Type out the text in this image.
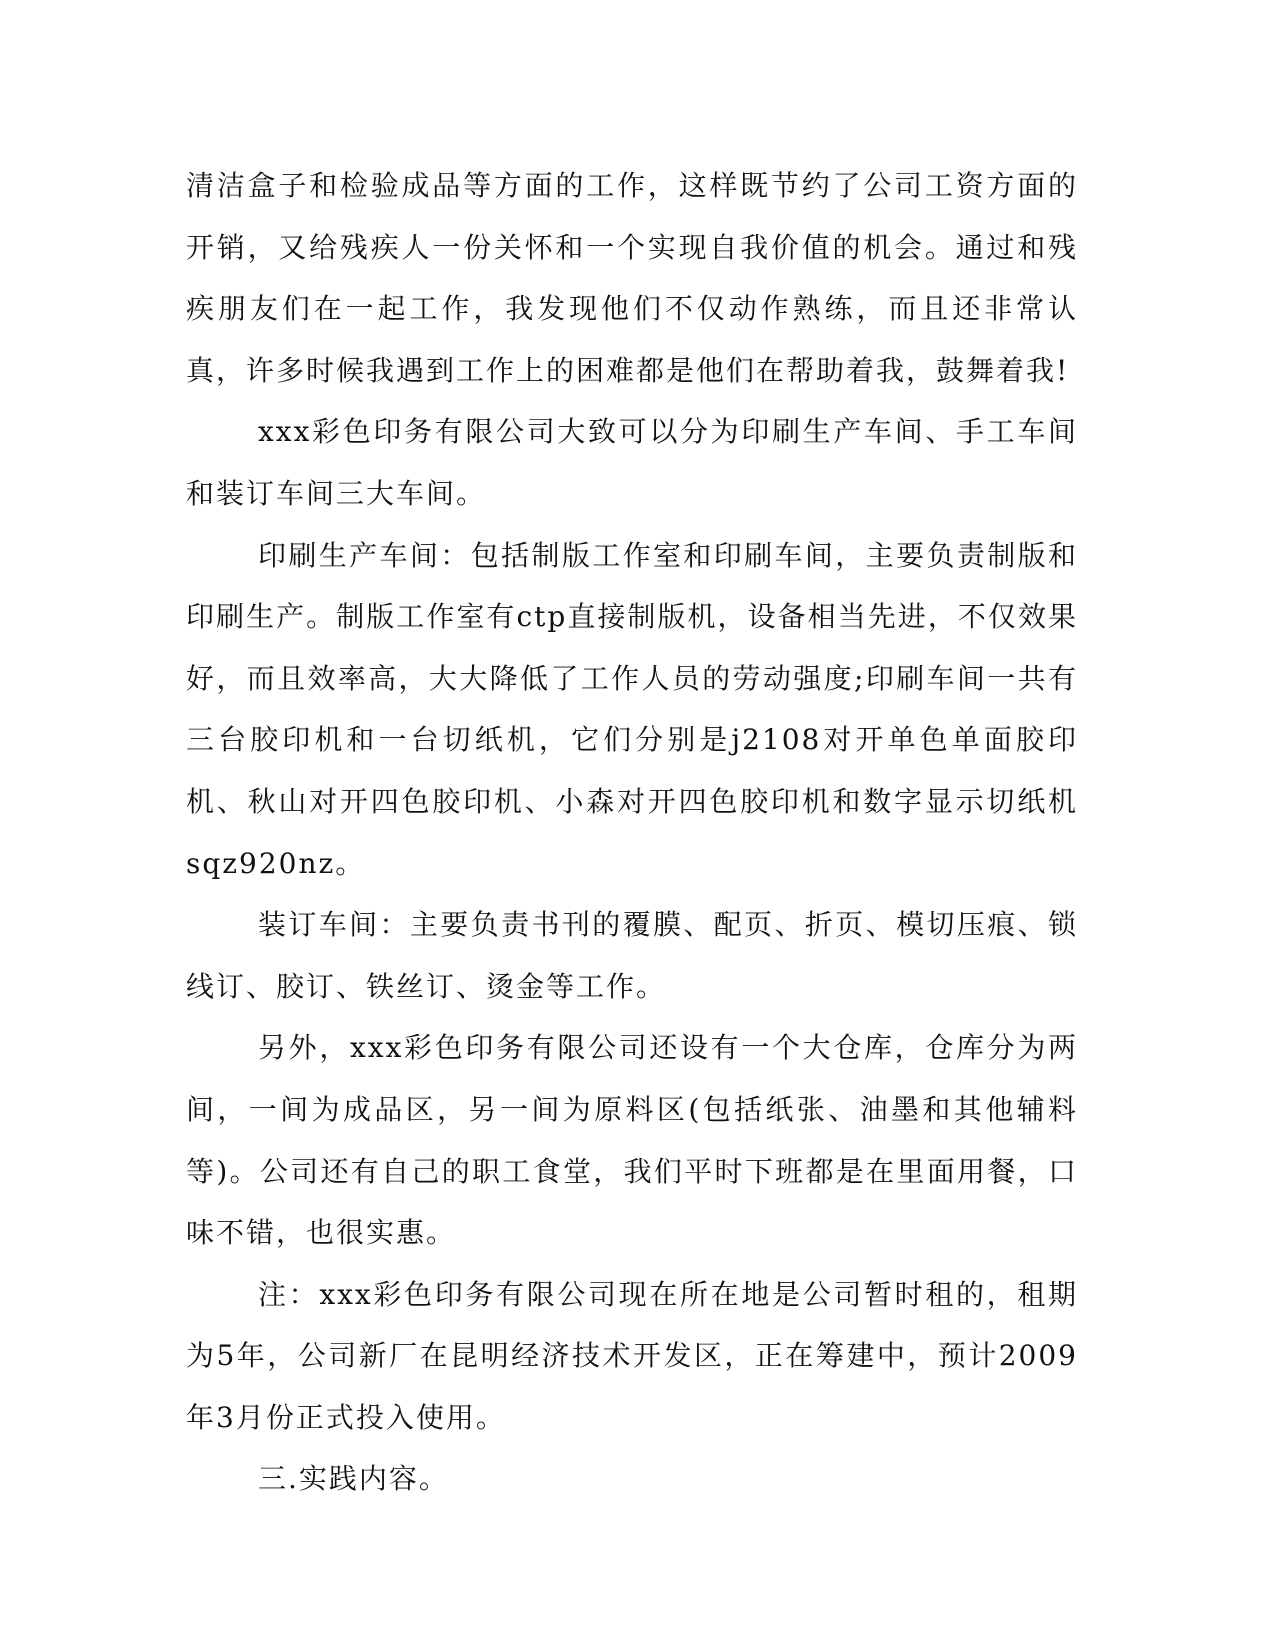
清洁盒子和检验成品等方面的工作，这样既节约了公司工资方面的开销，又给残疾人一份关怀和一个实现自我价值的机会。通过和残疾朋友们在一起工作，我发现他们不仅动作熟练，而且还非常认真，许多时候我遇到工作上的困难都是他们在帮助着我，鼓舞着我!

xxx彩色印务有限公司大致可以分为印刷生产车间、手工车间和装订车间三大车间。

印刷生产车间：包括制版工作室和印刷车间，主要负责制版和印刷生产。制版工作室有ctp直接制版机，设备相当先进，不仅效果好，而且效率高，大大降低了工作人员的劳动强度;印刷车间一共有三台胶印机和一台切纸机，它们分别是j2108对开单色单面胶印机、秋山对开四色胶印机、小森对开四色胶印机和数字显示切纸机sqz920nz。

装订车间：主要负责书刊的覆膜、配页、折页、模切压痕、锁线订、胶订、铁丝订、烫金等工作。

另外，xxx彩色印务有限公司还设有一个大仓库，仓库分为两间，一间为成品区，另一间为原料区(包括纸张、油墨和其他辅料等)。公司还有自己的职工食堂，我们平时下班都是在里面用餐，口味不错，也很实惠。

注：xxx彩色印务有限公司现在所在地是公司暂时租的，租期为5年，公司新厂在昆明经济技术开发区，正在筹建中，预计2009年3月份正式投入使用。

三.实践内容。
